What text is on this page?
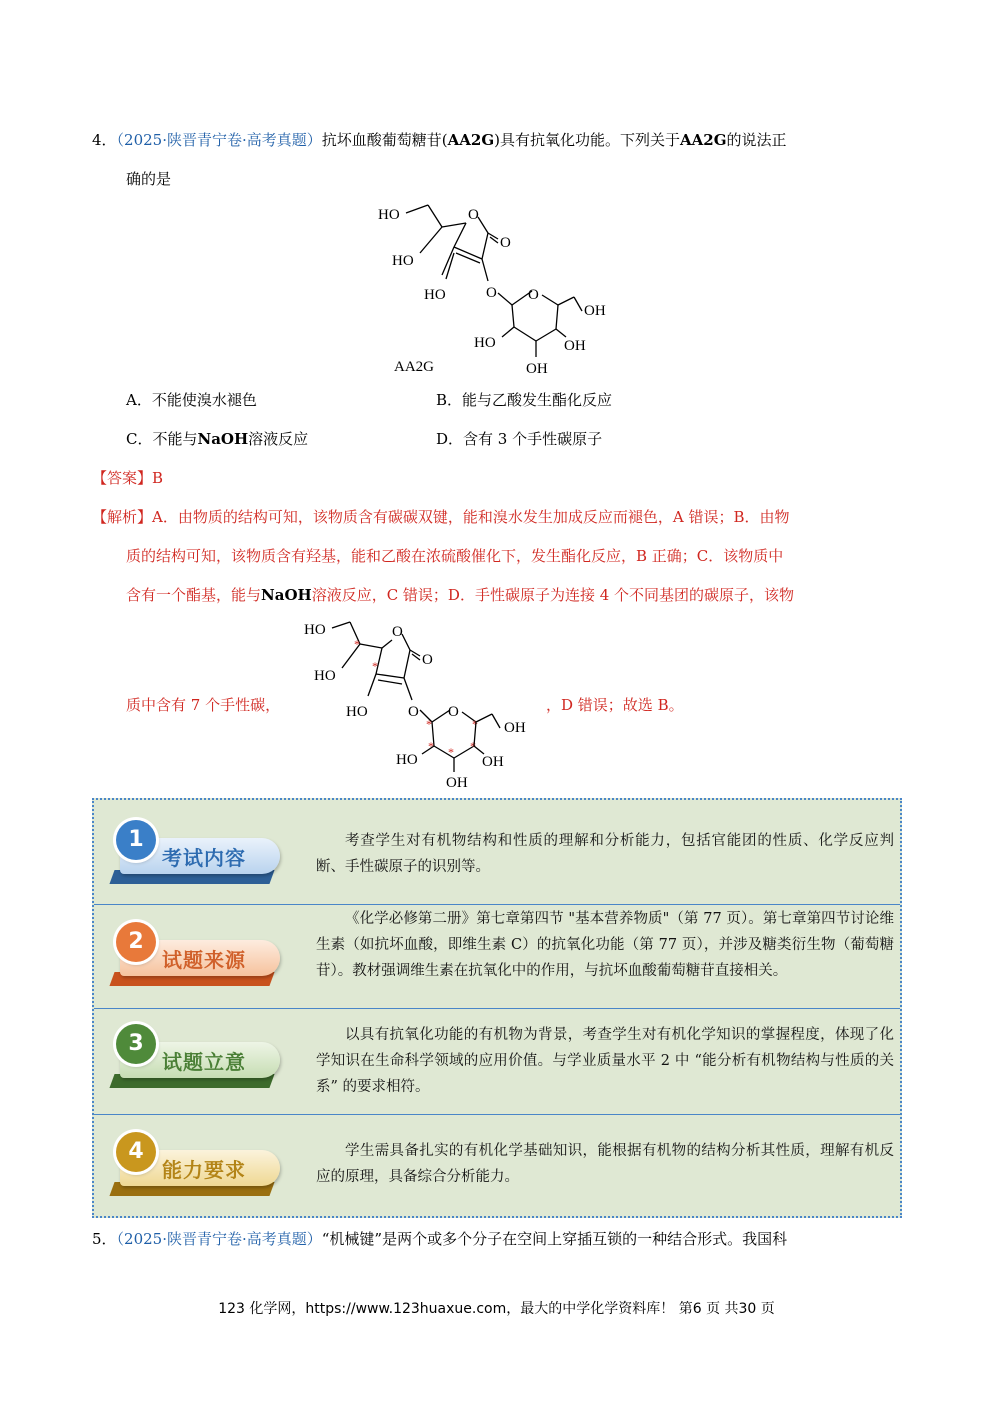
4．（2025·陕晋青宁卷·高考真题）抗坏血酸葡萄糖苷(AA2G)具有抗氧化功能。下列关于AA2G的说法正
确的是
HO
HO
O
O
HO	O O
OH
HO	OH
OH
AA2G
A．不能使溴水褪色	B．能与乙酸发生酯化反应
C．不能与NaOH溶液反应	D．含有 3 个手性碳原子
【答案】B
【解析】A．由物质的结构可知，该物质含有碳碳双键，能和溴水发生加成反应而褪色，A 错误；B．由物
质的结构可知，该物质含有羟基，能和乙酸在浓硫酸催化下，发生酯化反应，B 正确；C．该物质中
含有一个酯基，能与NaOH溶液反应，C 错误；D．手性碳原子为连接 4 个不同基团的碳原子，该物
质中含有 7 个手性碳，
HO
*
HO
*
O
O
HO	O
*
O
* OH
* * *
HO	OH
OH
，D 错误；故选 B。
1
考试内容
考查学生对有机物结构和性质的理解和分析能力，包括官能团的性质、化学反应判断、手性碳原子的识别等。
2
试题来源
《化学必修第二册》第七章第四节 "基本营养物质"（第 77 页）。第七章第四节讨论维生素（如抗坏血酸，即维生素 C）的抗氧化功能（第 77 页），并涉及糖类衍生物（葡萄糖苷）。教材强调维生素在抗氧化中的作用，与抗坏血酸葡萄糖苷直接相关。
3
试题立意
以具有抗氧化功能的有机物为背景，考查学生对有机化学知识的掌握程度，体现了化学知识在生命科学领域的应用价值。与学业质量水平 2 中 “能分析有机物结构与性质的关系” 的要求相符。
4
能力要求
学生需具备扎实的有机化学基础知识，能根据有机物的结构分析其性质，理解有机反应的原理，具备综合分析能力。
5．（2025·陕晋青宁卷·高考真题）“机械键”是两个或多个分子在空间上穿插互锁的一种结合形式。我国科
123 化学网，https://www.123huaxue.com，最大的中学化学资料库！ 第6 页 共30 页
